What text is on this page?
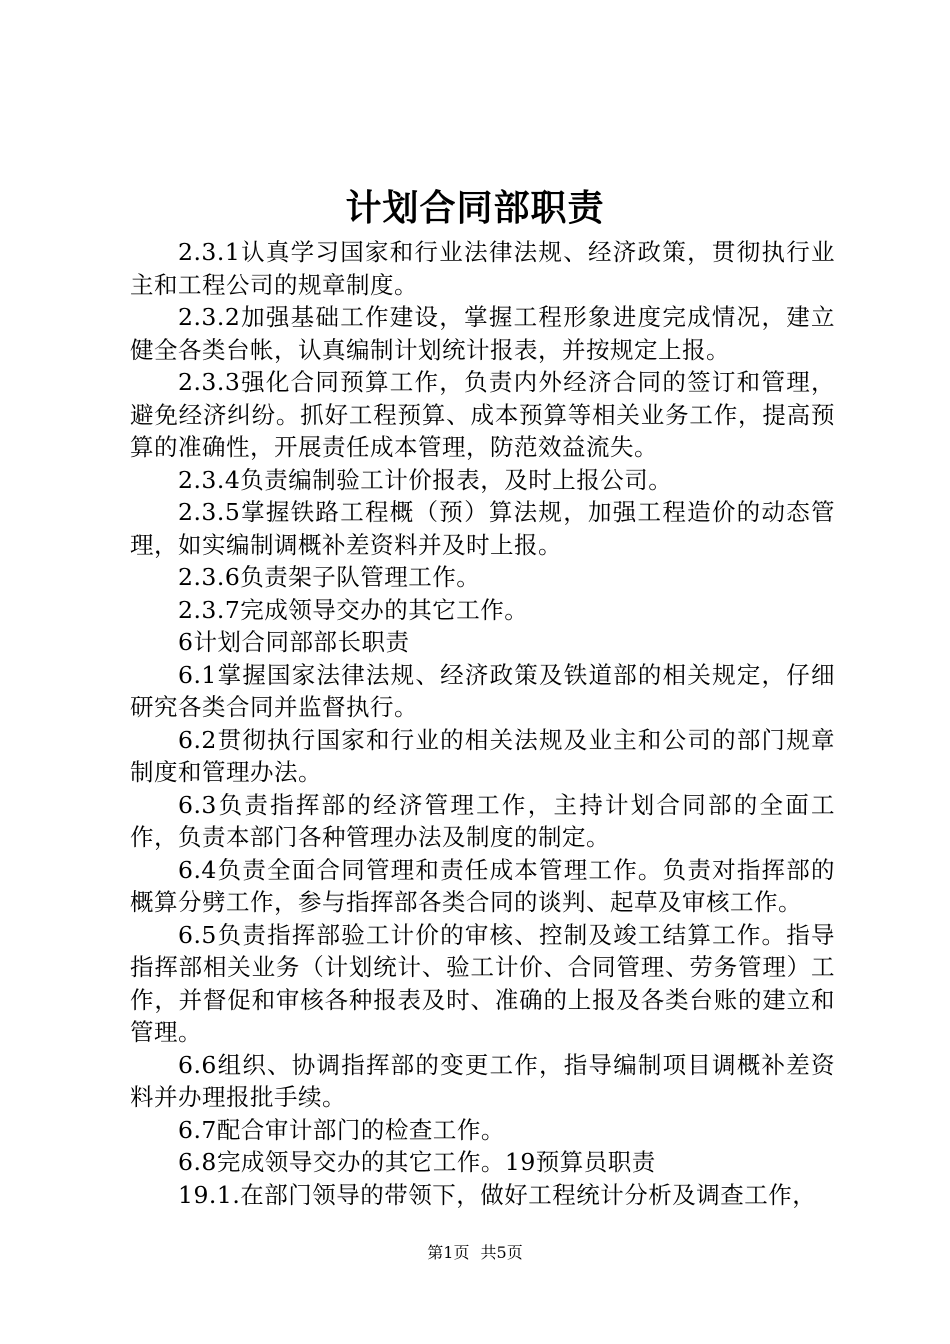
计划合同部职责

2.3.1认真学习国家和行业法律法规、经济政策，贯彻执行业主和工程公司的规章制度。

2.3.2加强基础工作建设，掌握工程形象进度完成情况，建立健全各类台帐，认真编制计划统计报表，并按规定上报。

2.3.3强化合同预算工作，负责内外经济合同的签订和管理，避免经济纠纷。抓好工程预算、成本预算等相关业务工作，提高预算的准确性，开展责任成本管理，防范效益流失。

2.3.4负责编制验工计价报表，及时上报公司。

2.3.5掌握铁路工程概（预）算法规，加强工程造价的动态管理，如实编制调概补差资料并及时上报。

2.3.6负责架子队管理工作。

2.3.7完成领导交办的其它工作。

6计划合同部部长职责

6.1掌握国家法律法规、经济政策及铁道部的相关规定，仔细研究各类合同并监督执行。

6.2贯彻执行国家和行业的相关法规及业主和公司的部门规章制度和管理办法。

6.3负责指挥部的经济管理工作，主持计划合同部的全面工作，负责本部门各种管理办法及制度的制定。

6.4负责全面合同管理和责任成本管理工作。负责对指挥部的概算分劈工作，参与指挥部各类合同的谈判、起草及审核工作。

6.5负责指挥部验工计价的审核、控制及竣工结算工作。指导指挥部相关业务（计划统计、验工计价、合同管理、劳务管理）工作，并督促和审核各种报表及时、准确的上报及各类台账的建立和管理。

6.6组织、协调指挥部的变更工作，指导编制项目调概补差资料并办理报批手续。

6.7配合审计部门的检查工作。

6.8完成领导交办的其它工作。19预算员职责

19.1.在部门领导的带领下，做好工程统计分析及调查工作，

第1页 共5页
